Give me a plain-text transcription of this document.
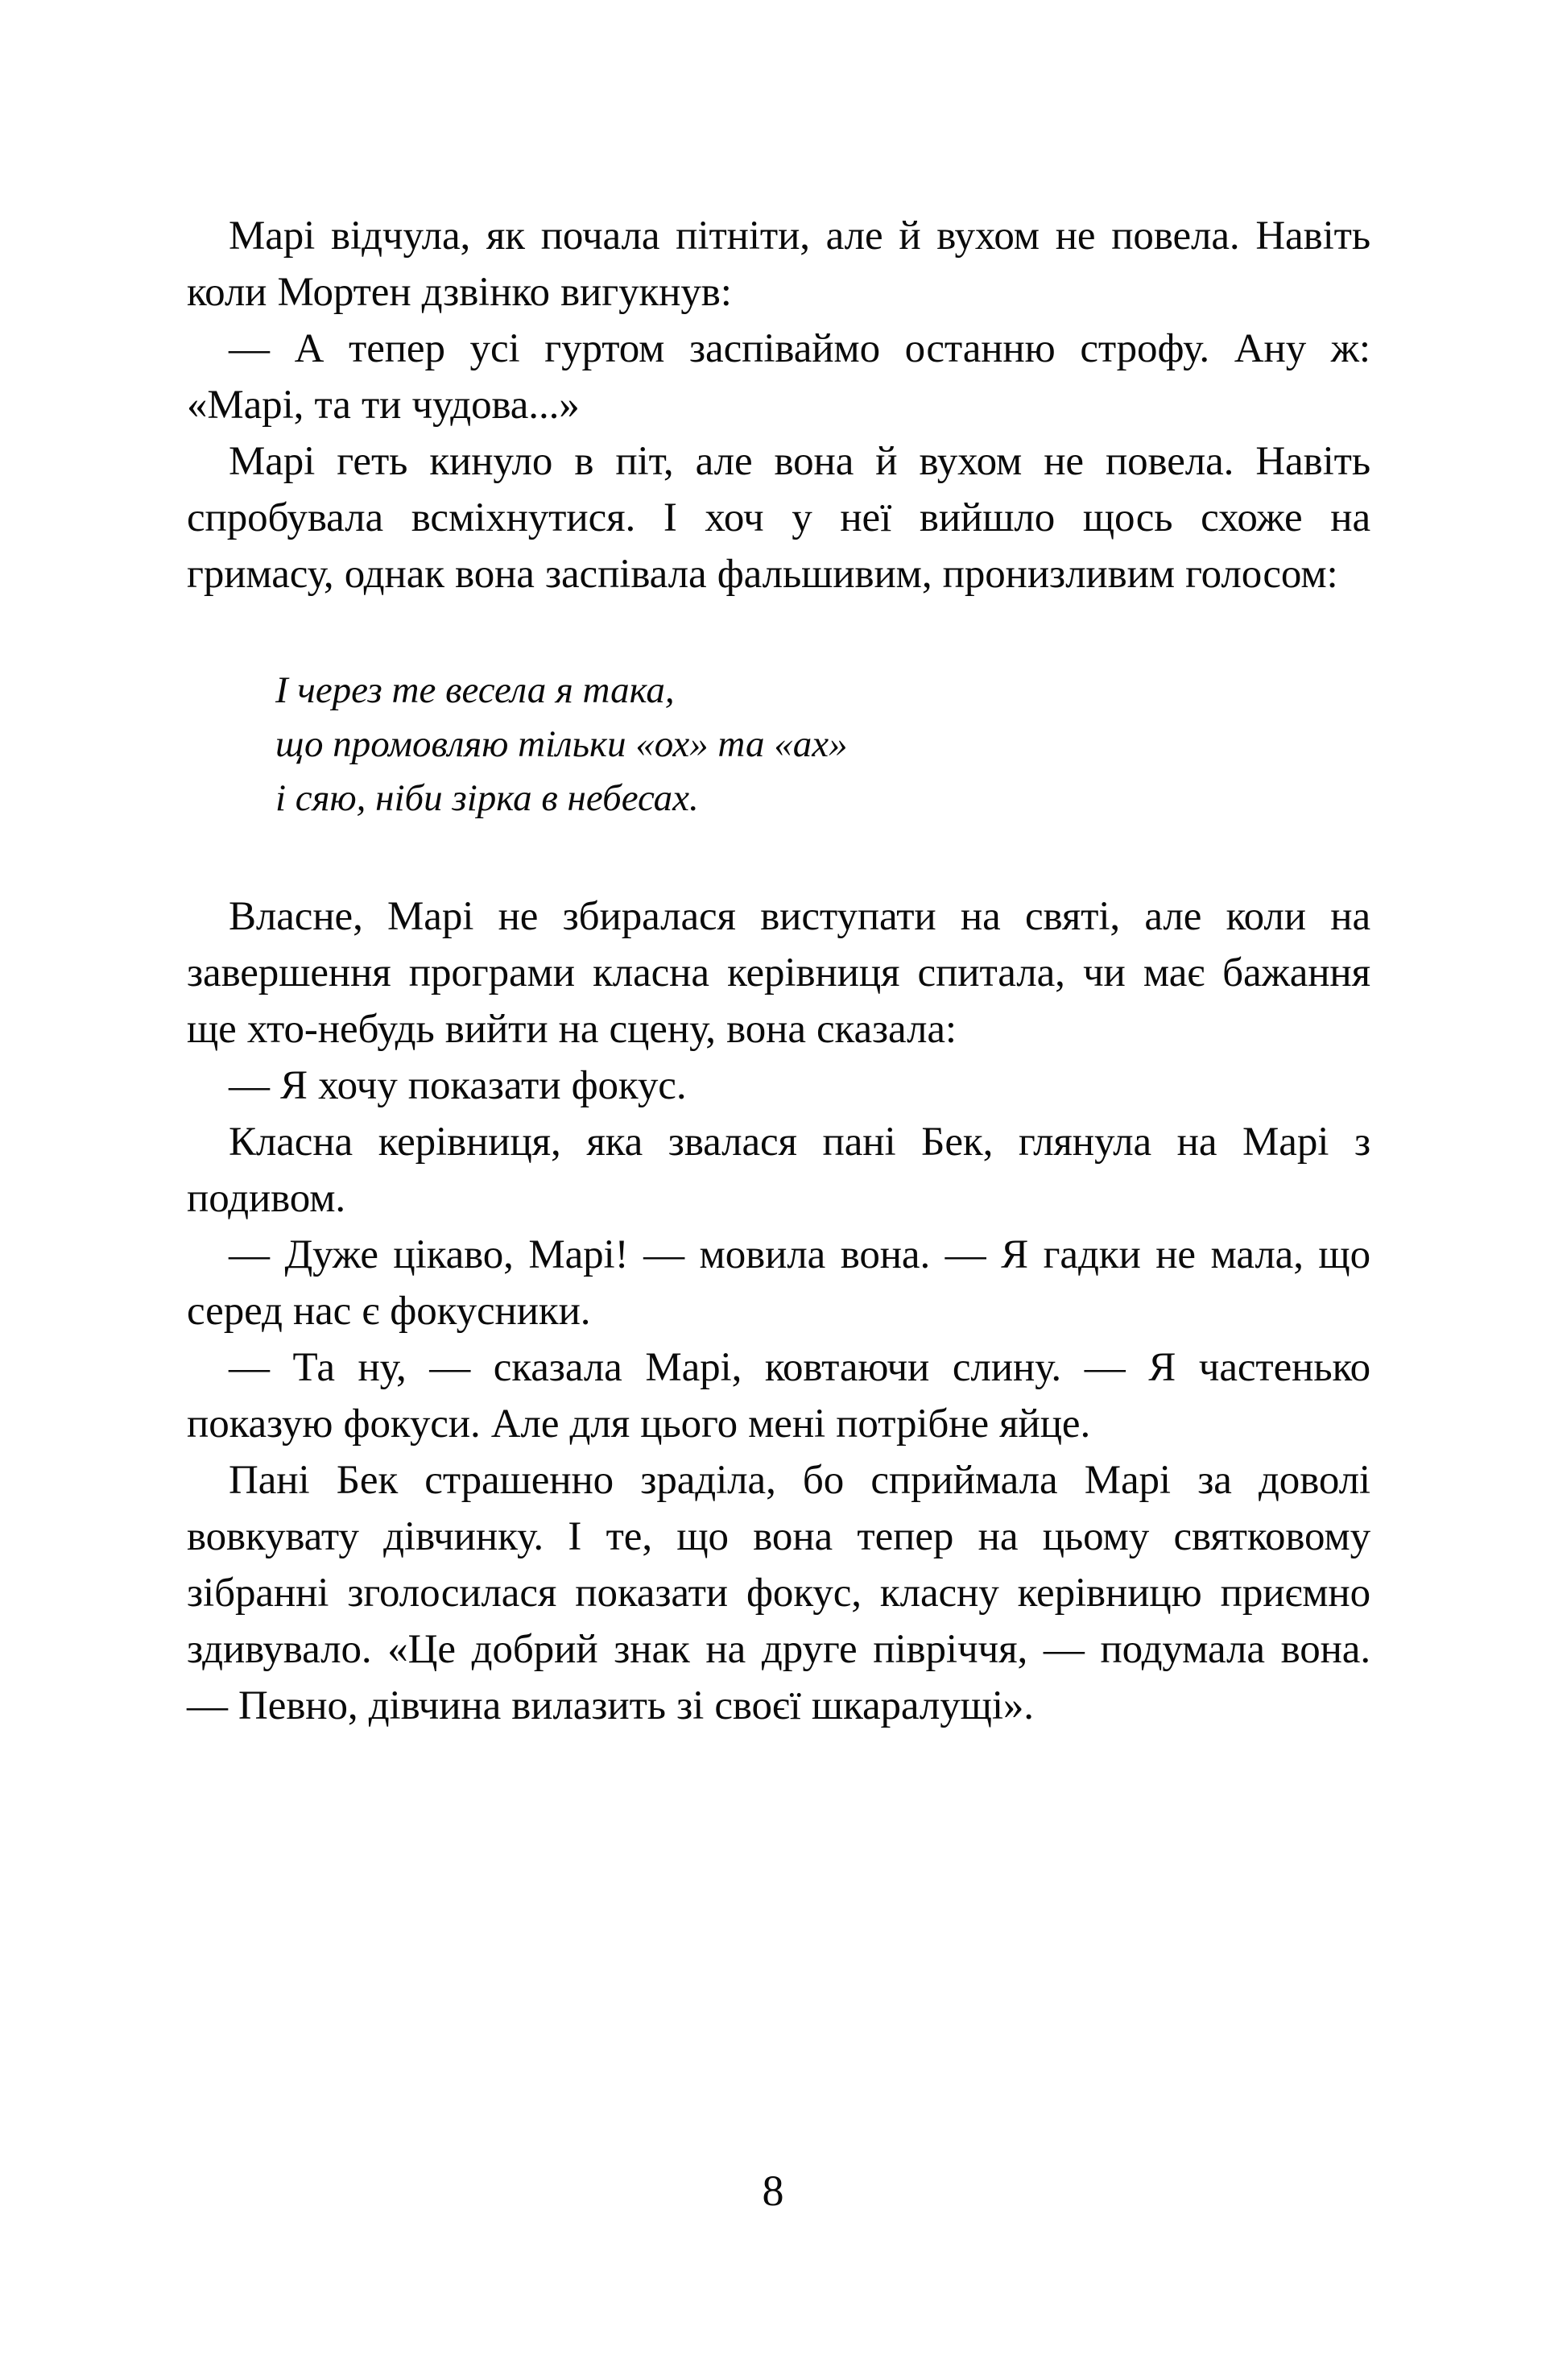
Марі відчула, як почала пітніти, але й вухом не повела. Навіть коли Мортен дзвінко вигукнув:

— А тепер усі гуртом заспіваймо останню строфу. Ану ж: «Марі, та ти чудова...»

Марі геть кинуло в піт, але вона й вухом не повела. Навіть спробувала всміхнутися. І хоч у неї вийшло щось схоже на гримасу, однак вона заспівала фальшивим, пронизливим голосом:

І через те весела я така,
що промовляю тільки «ох» та «ах»
і сяю, ніби зірка в небесах.

Власне, Марі не збиралася виступати на святі, але коли на завершення програми класна керівниця спитала, чи має бажання ще хто-небудь вийти на сцену, вона сказала:

— Я хочу показати фокус.

Класна керівниця, яка звалася пані Бек, глянула на Марі з подивом.

— Дуже цікаво, Марі! — мовила вона. — Я гадки не мала, що серед нас є фокусники.

— Та ну, — сказала Марі, ковтаючи слину. — Я частенько показую фокуси. Але для цього мені потрібне яйце.

Пані Бек страшенно зраділа, бо сприймала Марі за доволі вовкувату дівчинку. І те, що вона тепер на цьому святковому зібранні зголосилася показати фокус, класну керівницю приємно здивувало. «Це добрий знак на друге півріччя, — подумала вона. — Певно, дівчина вилазить зі своєї шкаралущі».

8
